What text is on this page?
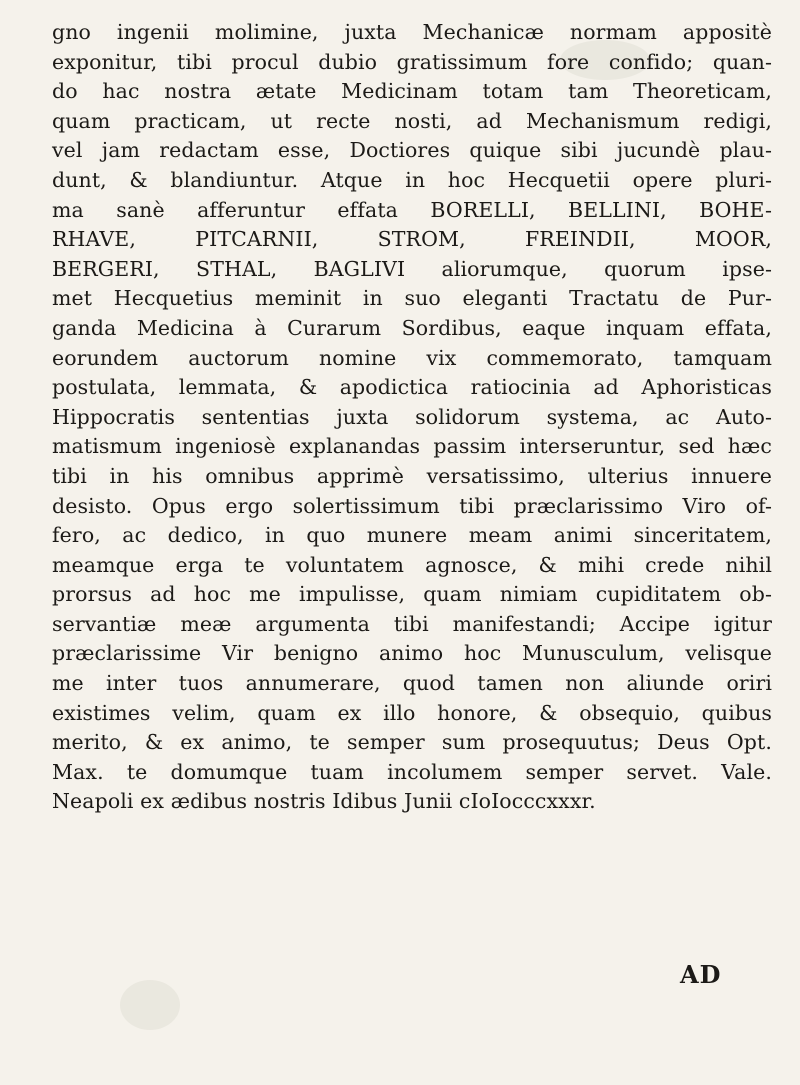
gno ingenii molimine, juxta Mechanicæ normam appositè
exponitur, tibi procul dubio gratissimum fore confido; quan-
do hac nostra ætate Medicinam totam tam Theoreticam,
quam practicam, ut recte nosti, ad Mechanismum redigi,
vel jam redactam esse, Doctiores quique sibi jucundè plau-
dunt, & blandiuntur. Atque in hoc Hecquetii opere pluri-
ma sanè afferuntur effata BORELLI, BELLINI, BOHE-
RHAVE, PITCARNII, STROM, FREINDII, MOOR,
BERGERI, STHAL, BAGLIVI aliorumque, quorum ipse-
met Hecquetius meminit in suo eleganti Tractatu de Pur-
ganda Medicina à Curarum Sordibus, eaque inquam effata,
eorundem auctorum nomine vix commemorato, tamquam
postulata, lemmata, & apodictica ratiocinia ad Aphoristicas
Hippocratis sententias juxta solidorum systema, ac Auto-
matismum ingeniosè explanandas passim interseruntur, sed hæc
tibi in his omnibus apprimè versatissimo, ulterius innuere
desisto. Opus ergo solertissimum tibi præclarissimo Viro of-
fero, ac dedico, in quo munere meam animi sinceritatem,
meamque erga te voluntatem agnosce, & mihi crede nihil
prorsus ad hoc me impulisse, quam nimiam cupiditatem ob-
servantiæ meæ argumenta tibi manifestandi; Accipe igitur
præclarissime Vir benigno animo hoc Munusculum, velisque
me inter tuos annumerare, quod tamen non aliunde oriri
existimes velim, quam ex illo honore, & obsequio, quibus
merito, & ex animo, te semper sum prosequutus; Deus Opt.
Max. te domumque tuam incolumem semper servet. Vale.
Neapoli ex ædibus nostris Idibus Junii cIoIocccxxxr.
AD
